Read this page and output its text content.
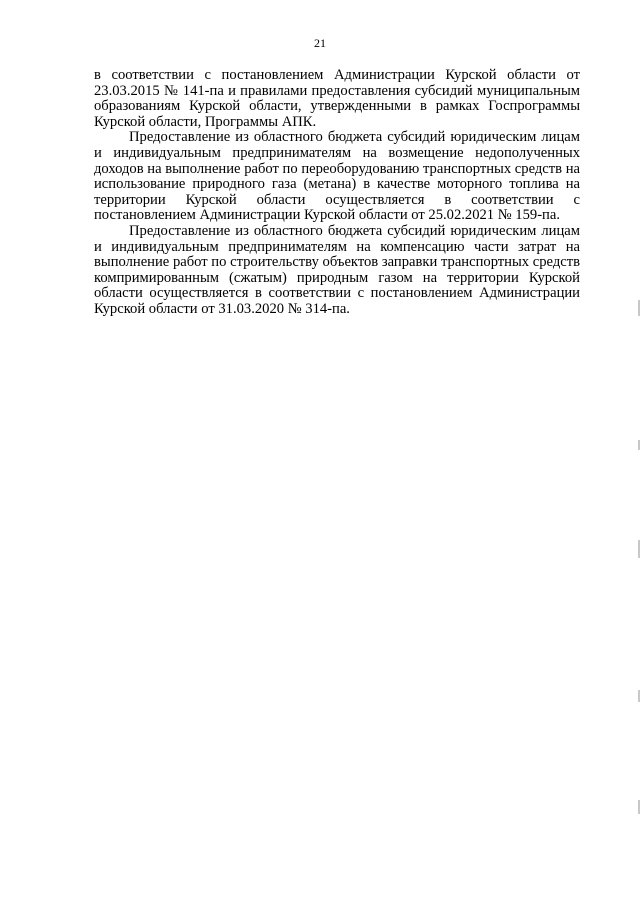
21

в соответствии с постановлением Администрации Курской области от 23.03.2015 № 141-па и правилами предоставления субсидий муниципальным образованиям Курской области, утвержденными в рамках Госпрограммы Курской области, Программы АПК.

Предоставление из областного бюджета субсидий юридическим лицам и индивидуальным предпринимателям на возмещение недополученных доходов на выполнение работ по переоборудованию транспортных средств на использование природного газа (метана) в качестве моторного топлива на территории Курской области осуществляется в соответствии с постановлением Администрации Курской области от 25.02.2021 № 159-па.

Предоставление из областного бюджета субсидий юридическим лицам и индивидуальным предпринимателям на компенсацию части затрат на выполнение работ по строительству объектов заправки транспортных средств компримированным (сжатым) природным газом на территории Курской области осуществляется в соответствии с постановлением Администрации Курской области от 31.03.2020 № 314-па.
